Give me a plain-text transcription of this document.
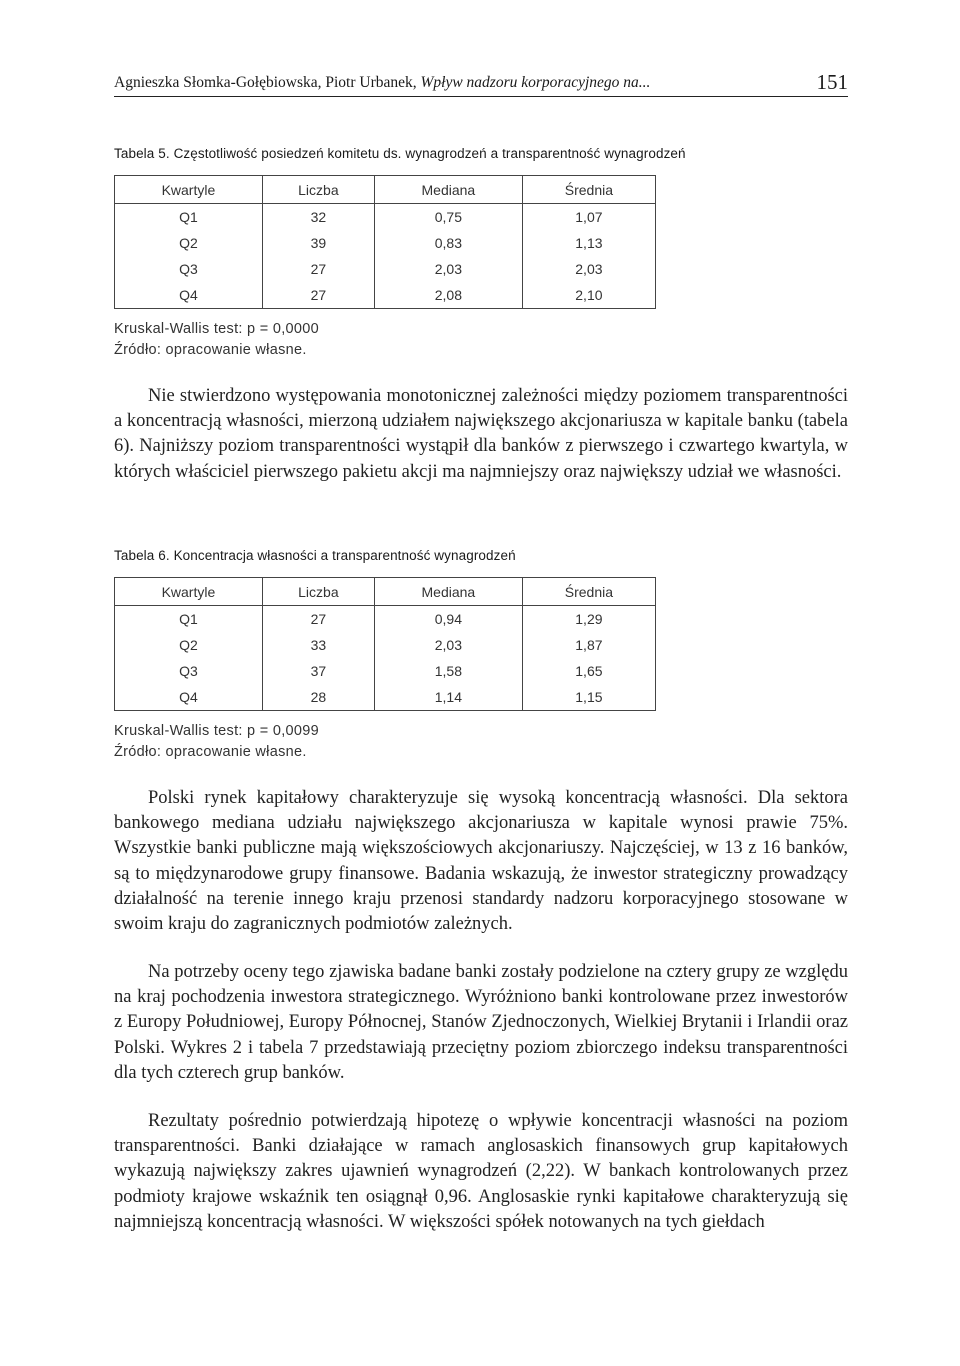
Agnieszka Słomka-Gołębiowska, Piotr Urbanek, Wpływ nadzoru korporacyjnego na...	151
Tabela 5. Częstotliwość posiedzeń komitetu ds. wynagrodzeń a transparentność wynagrodzeń
Kwartyle	Liczba	Mediana	Średnia
Q1	32	0,75	1,07
Q2	39	0,83	1,13
Q3	27	2,03	2,03
Q4	27	2,08	2,10
Kruskal-Wallis test: p = 0,0000
Źródło: opracowanie własne.

Nie stwierdzono występowania monotonicznej zależności między poziomem transparentności a koncentracją własności, mierzoną udziałem największego akcjonariusza w kapitale banku (tabela 6). Najniższy poziom transparentności wystąpił dla banków z pierwszego i czwartego kwartyla, w których właściciel pierwszego pakietu akcji ma najmniejszy oraz największy udział we własności.

Tabela 6. Koncentracja własności a transparentność wynagrodzeń
Kwartyle	Liczba	Mediana	Średnia
Q1	27	0,94	1,29
Q2	33	2,03	1,87
Q3	37	1,58	1,65
Q4	28	1,14	1,15
Kruskal-Wallis test: p = 0,0099
Źródło: opracowanie własne.

Polski rynek kapitałowy charakteryzuje się wysoką koncentracją własności. Dla sektora bankowego mediana udziału największego akcjonariusza w kapitale wynosi prawie 75%. Wszystkie banki publiczne mają większościowych akcjonariuszy. Najczęściej, w 13 z 16 banków, są to międzynarodowe grupy finansowe. Badania wskazują, że inwestor strategiczny prowadzący działalność na terenie innego kraju przenosi standardy nadzoru korporacyjnego stosowane w swoim kraju do zagranicznych podmiotów zależnych.

Na potrzeby oceny tego zjawiska badane banki zostały podzielone na cztery grupy ze względu na kraj pochodzenia inwestora strategicznego. Wyróżniono banki kontrolowane przez inwestorów z Europy Południowej, Europy Północnej, Stanów Zjednoczonych, Wielkiej Brytanii i Irlandii oraz Polski. Wykres 2 i tabela 7 przedstawiają przeciętny poziom zbiorczego indeksu transparentności dla tych czterech grup banków.

Rezultaty pośrednio potwierdzają hipotezę o wpływie koncentracji własności na poziom transparentności. Banki działające w ramach anglosaskich finansowych grup kapitałowych wykazują największy zakres ujawnień wynagrodzeń (2,22). W bankach kontrolowanych przez podmioty krajowe wskaźnik ten osiągnął 0,96. Anglosaskie rynki kapitałowe charakteryzują się najmniejszą koncentracją własności. W większości spółek notowanych na tych giełdach
